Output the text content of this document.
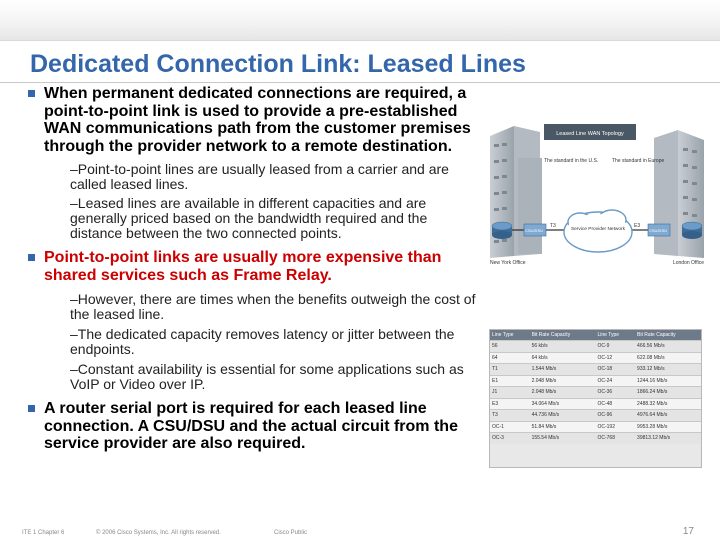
Dedicated Connection Link: Leased Lines
When permanent dedicated connections are required, a point-to-point link is used to provide a pre-established WAN communications path from the customer premises through the provider network to a remote destination.
–Point-to-point lines are usually leased from a carrier and are called leased lines.
–Leased lines are available in different capacities and are generally priced based on the bandwidth required and the distance between the two connected points.
Point-to-point links are usually more expensive than shared services such as Frame Relay.
–However, there are times when the benefits outweigh the cost of the leased line.
–The dedicated capacity removes latency or jitter between the endpoints.
–Constant availability is essential for some applications such as VoIP or Video over IP.
A router serial port is required for each leased line connection. A CSU/DSU and the actual circuit from the service provider are also required.
Leased Line WAN Topology
The standard in the U.S.	The standard in Europe
CSU/DSU	CSU/DSU
Service Provider Network
T3	E3
New York Office	London Office
Line Type	Bit Rate Capacity	Line Type	Bit Rate Capacity
56	56 kb/s	OC-9	466.56 Mb/s
64	64 kb/s	OC-12	622.08 Mb/s
T1	1.544 Mb/s	OC-18	933.12 Mb/s
E1	2.048 Mb/s	OC-24	1244.16 Mb/s
J1	2.048 Mb/s	OC-36	1866.24 Mb/s
E3	34.064 Mb/s	OC-48	2488.32 Mb/s
T3	44.736 Mb/s	OC-96	4976.64 Mb/s
OC-1	51.84 Mb/s	OC-192	9953.28 Mb/s
OC-3	155.54 Mb/s	OC-768	39813.12 Mb/s
ITE 1 Chapter 6	© 2006 Cisco Systems, Inc. All rights reserved.	Cisco Public	17
